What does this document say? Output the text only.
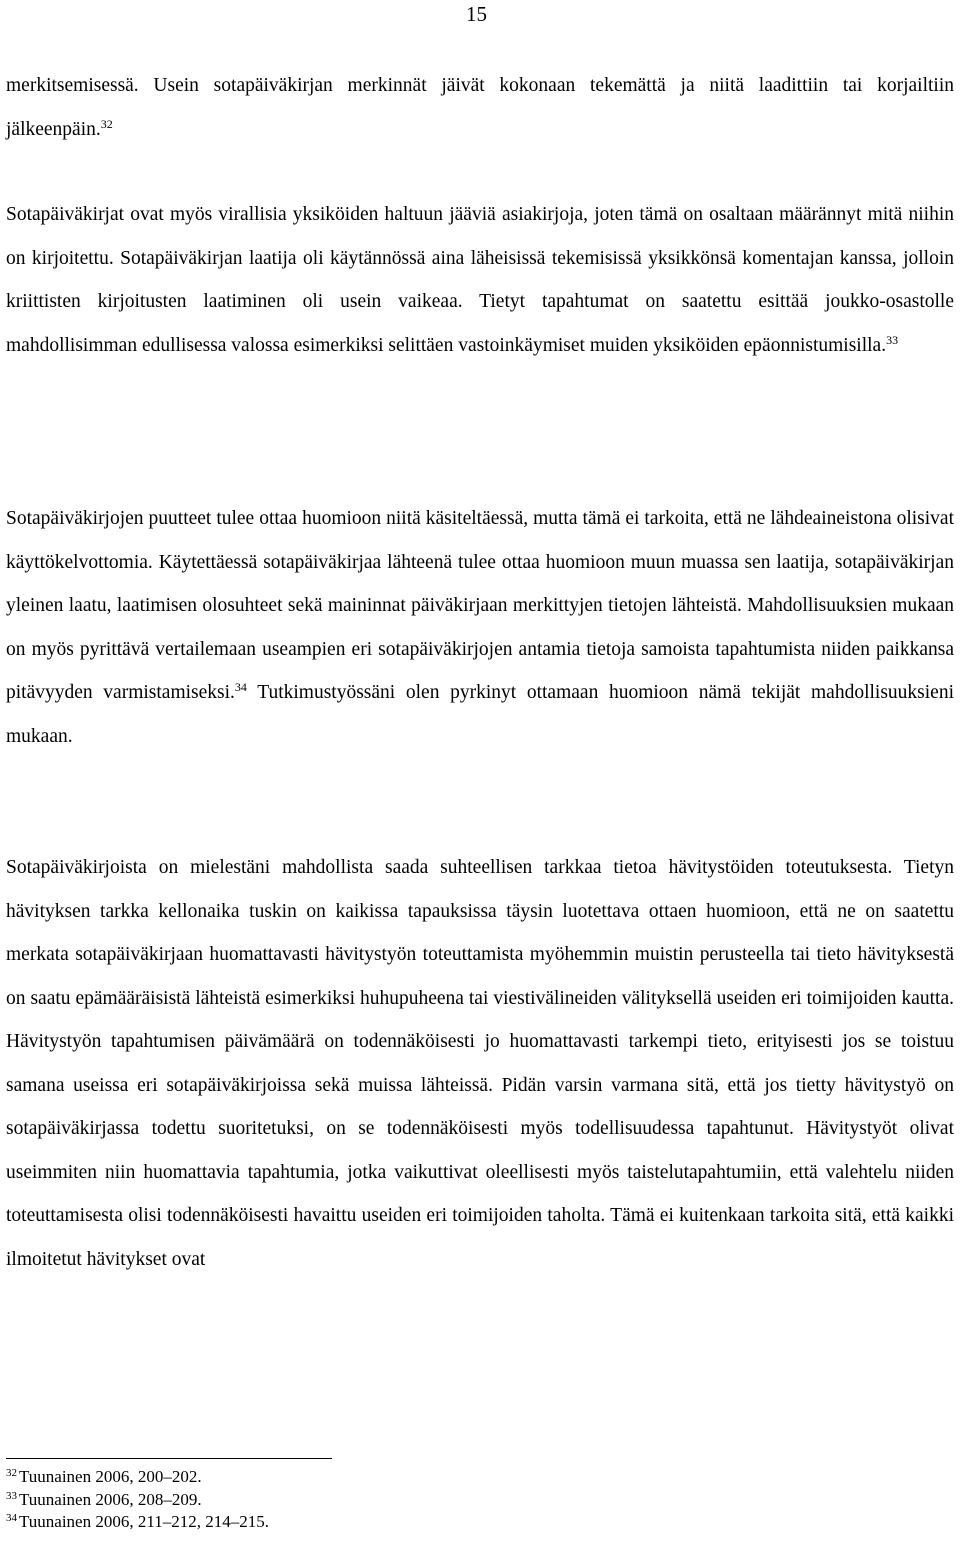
15

merkitsemisessä. Usein sotapäiväkirjan merkinnät jäivät kokonaan tekemättä ja niitä laadittiin tai korjailtiin jälkeenpäin.$^{32}$

Sotapäiväkirjat ovat myös virallisia yksiköiden haltuun jääviä asiakirjoja, joten tämä on osaltaan määrännyt mitä niihin on kirjoitettu. Sotapäiväkirjan laatija oli käytännössä aina läheisissä tekemisissä yksikkönsä komentajan kanssa, jolloin kriittisten kirjoitusten laatiminen oli usein vaikeaa. Tietyt tapahtumat on saatettu esittää joukko-osastolle mahdollisimman edullisessa valossa esimerkiksi selittäen vastoinkäymiset muiden yksiköiden epäonnistumisilla.$^{33}$

Sotapäiväkirjojen puutteet tulee ottaa huomioon niitä käsiteltäessä, mutta tämä ei tarkoita, että ne lähdeaineistona olisivat käyttökelvottomia. Käytettäessä sotapäiväkirjaa lähteenä tulee ottaa huomioon muun muassa sen laatija, sotapäiväkirjan yleinen laatu, laatimisen olosuhteet sekä maininnat päiväkirjaan merkittyjen tietojen lähteistä. Mahdollisuuksien mukaan on myös pyrittävä vertailemaan useampien eri sotapäiväkirjojen antamia tietoja samoista tapahtumista niiden paikkansa pitävyyden varmistamiseksi.$^{34}$ Tutkimustyössäni olen pyrkinyt ottamaan huomioon nämä tekijät mahdollisuuksieni mukaan.

Sotapäiväkirjoista on mielestäni mahdollista saada suhteellisen tarkkaa tietoa hävitystöiden toteutuksesta. Tietyn hävityksen tarkka kellonaika tuskin on kaikissa tapauksissa täysin luotettava ottaen huomioon, että ne on saatettu merkata sotapäiväkirjaan huomattavasti hävitystyön toteuttamista myöhemmin muistin perusteella tai tieto hävityksestä on saatu epämääräisistä lähteistä esimerkiksi huhupuheena tai viestivälineiden välityksellä useiden eri toimijoiden kautta. Hävitystyön tapahtumisen päivämäärä on todennäköisesti jo huomattavasti tarkempi tieto, erityisesti jos se toistuu samana useissa eri sotapäiväkirjoissa sekä muissa lähteissä. Pidän varsin varmana sitä, että jos tietty hävitystyö on sotapäiväkirjassa todettu suoritetuksi, on se todennäköisesti myös todellisuudessa tapahtunut. Hävitystyöt olivat useimmiten niin huomattavia tapahtumia, jotka vaikuttivat oleellisesti myös taistelutapahtumiin, että valehtelu niiden toteuttamisesta olisi todennäköisesti havaittu useiden eri toimijoiden taholta. Tämä ei kuitenkaan tarkoita sitä, että kaikki ilmoitetut hävitykset ovat

$^{32}$ Tuunainen 2006, 200–202.
$^{33}$ Tuunainen 2006, 208–209.
$^{34}$ Tuunainen 2006, 211–212, 214–215.
